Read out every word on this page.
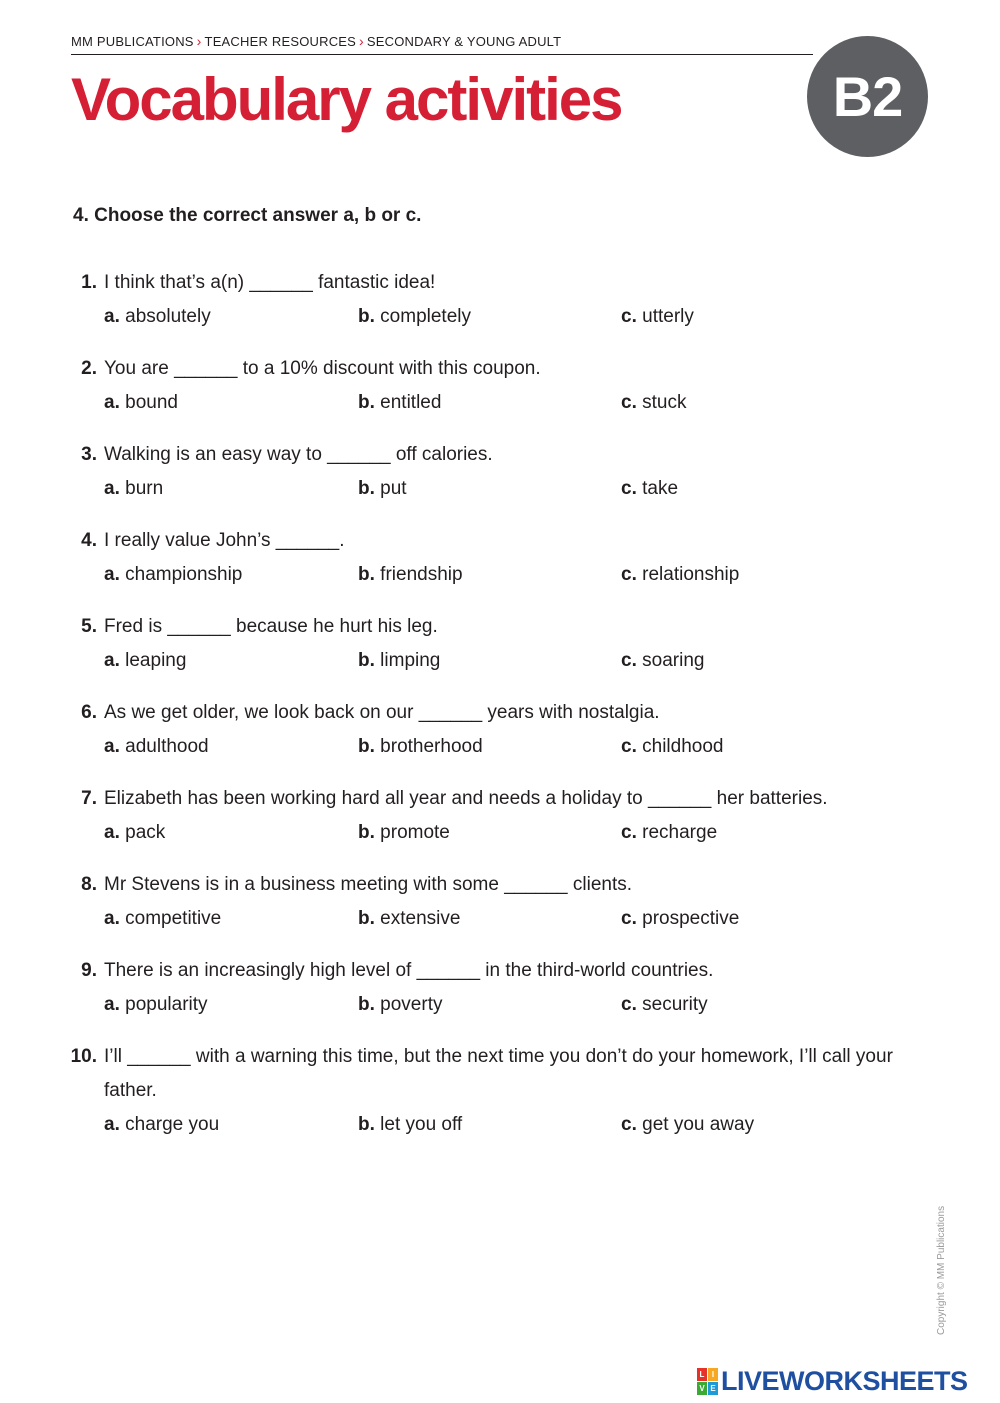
MM PUBLICATIONS › TEACHER RESOURCES › SECONDARY & YOUNG ADULT
Vocabulary activities	B2
4. Choose the correct answer a, b or c.
1. I think that’s a(n) ______ fantastic idea!
a. absolutely	b. completely	c. utterly
2. You are ______ to a 10% discount with this coupon.
a. bound	b. entitled	c. stuck
3. Walking is an easy way to ______ off calories.
a. burn	b. put	c. take
4. I really value John’s ______.
a. championship	b. friendship	c. relationship
5. Fred is ______ because he hurt his leg.
a. leaping	b. limping	c. soaring
6. As we get older, we look back on our ______ years with nostalgia.
a. adulthood	b. brotherhood	c. childhood
7. Elizabeth has been working hard all year and needs a holiday to ______ her batteries.
a. pack	b. promote	c. recharge
8. Mr Stevens is in a business meeting with some ______ clients.
a. competitive	b. extensive	c. prospective
9. There is an increasingly high level of ______ in the third-world countries.
a. popularity	b. poverty	c. security
10. I’ll ______ with a warning this time, but the next time you don’t do your homework, I’ll call your father.
a. charge you	b. let you off	c. get you away
Copyright © MM Publications
L I
V E LIVEWORKSHEETS
